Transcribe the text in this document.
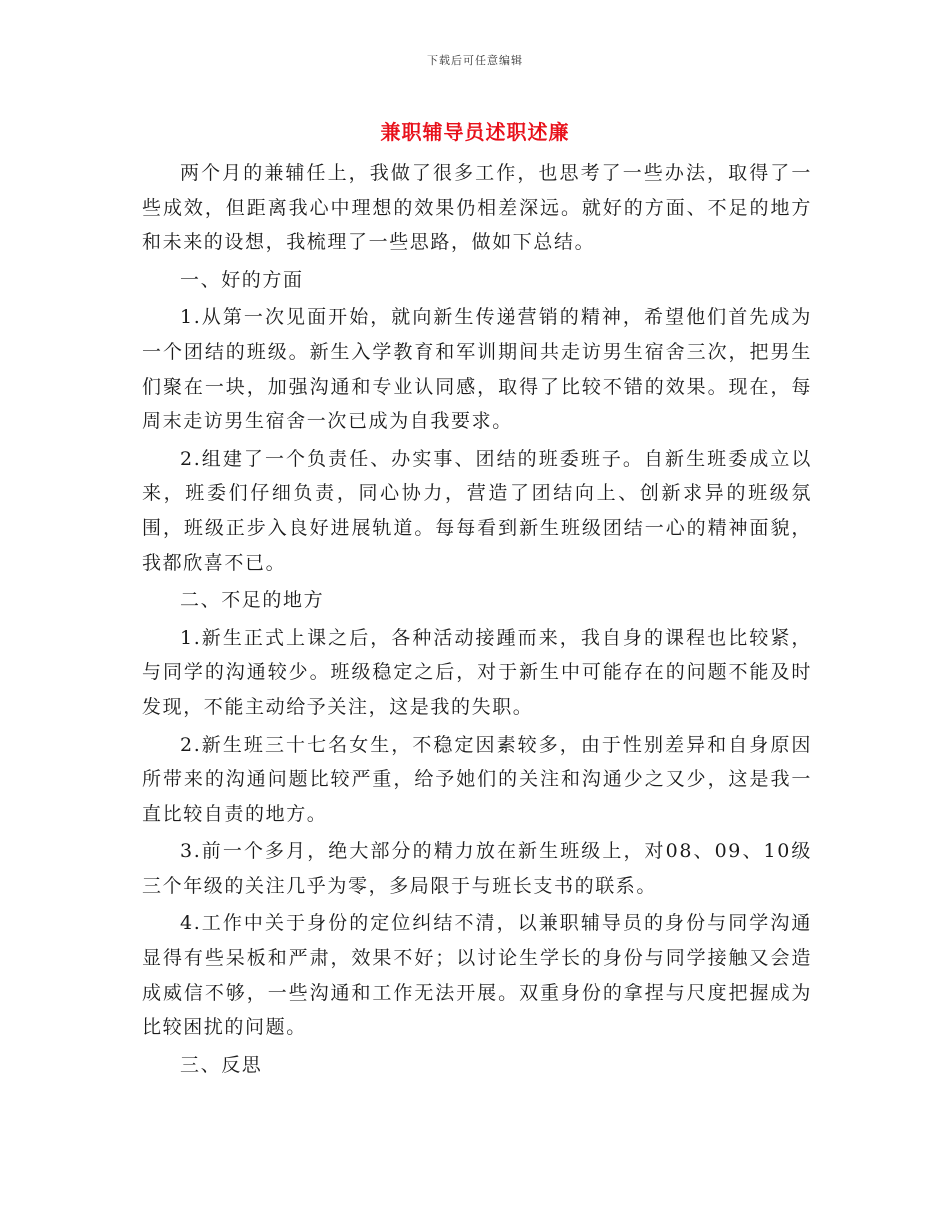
下载后可任意编辑
兼职辅导员述职述廉

两个月的兼辅任上，我做了很多工作，也思考了一些办法，取得了一些成效，但距离我心中理想的效果仍相差深远。就好的方面、不足的地方和未来的设想，我梳理了一些思路，做如下总结。

一、好的方面

1.从第一次见面开始，就向新生传递营销的精神，希望他们首先成为一个团结的班级。新生入学教育和军训期间共走访男生宿舍三次，把男生们聚在一块，加强沟通和专业认同感，取得了比较不错的效果。现在，每周末走访男生宿舍一次已成为自我要求。

2.组建了一个负责任、办实事、团结的班委班子。自新生班委成立以来，班委们仔细负责，同心协力，营造了团结向上、创新求异的班级氛围，班级正步入良好进展轨道。每每看到新生班级团结一心的精神面貌，我都欣喜不已。

二、不足的地方

1.新生正式上课之后，各种活动接踵而来，我自身的课程也比较紧，与同学的沟通较少。班级稳定之后，对于新生中可能存在的问题不能及时发现，不能主动给予关注，这是我的失职。

2.新生班三十七名女生，不稳定因素较多，由于性别差异和自身原因所带来的沟通问题比较严重，给予她们的关注和沟通少之又少，这是我一直比较自责的地方。

3.前一个多月，绝大部分的精力放在新生班级上，对08、09、10级三个年级的关注几乎为零，多局限于与班长支书的联系。

4.工作中关于身份的定位纠结不清，以兼职辅导员的身份与同学沟通显得有些呆板和严肃，效果不好；以讨论生学长的身份与同学接触又会造成威信不够，一些沟通和工作无法开展。双重身份的拿捏与尺度把握成为比较困扰的问题。

三、反思
